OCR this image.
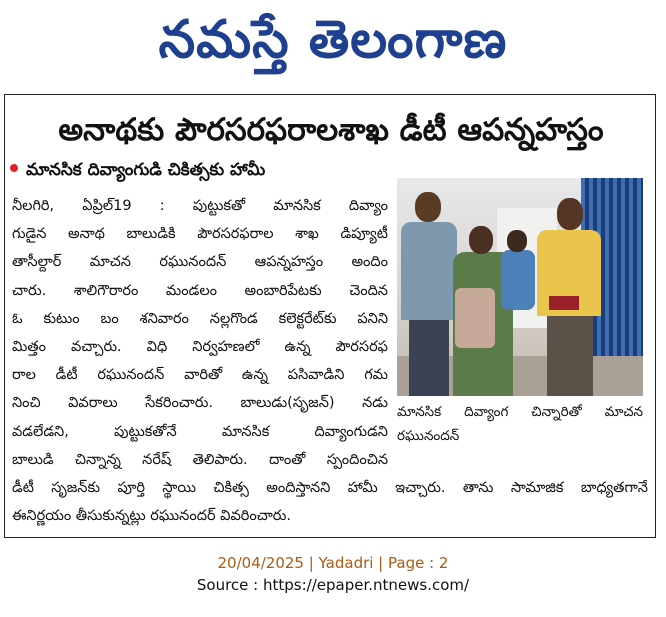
నమస్తే తెలంగాణ
అనాథకు పౌరసరఫరాలశాఖ డీటీ ఆపన్నహస్తం
మానసిక దివ్యాంగుడి చికిత్సకు హామీ
నీలగిరి, ఏప్రిల్19 : పుట్టుకతో మానసిక దివ్యాం
గుడైన అనాథ బాలుడికి పౌరసరఫరాల శాఖ డిప్యూటీ
తాసీల్దార్ మాచన రఘునందన్ ఆపన్నహస్తం అందిం
చారు. శాలిగౌరారం మండలం అంబారిపేటకు చెందిన
ఓ కుటుం బం శనివారం నల్లగొండ కలెక్టరేట్‌కు పనిని
మిత్తం వచ్చారు. విధి నిర్వహణలో ఉన్న పౌరసరఫ
రాల డీటీ రఘునందన్ వారితో ఉన్న పసివాడిని గమ
నించి వివరాలు సేకరించారు. బాలుడు(సృజన్) నడు
వడలేడని, పుట్టుకతోనే మానసిక దివ్యాంగుడని
బాలుడి చిన్నాన్న నరేష్ తెలిపారు. దాంతో స్పందించిన
మానసిక దివ్యాంగ చిన్నారితో మాచన
రఘునందన్
డీటీ సృజన్‌కు పూర్తి స్థాయి చికిత్స అందిస్తానని హామీ ఇచ్చారు. తాను సామాజిక బాధ్యతగానే
ఈనిర్ణయం తీసుకున్నట్లు రఘునందర్ వివరించారు.
20/04/2025 | Yadadri | Page : 2
Source : https://epaper.ntnews.com/
